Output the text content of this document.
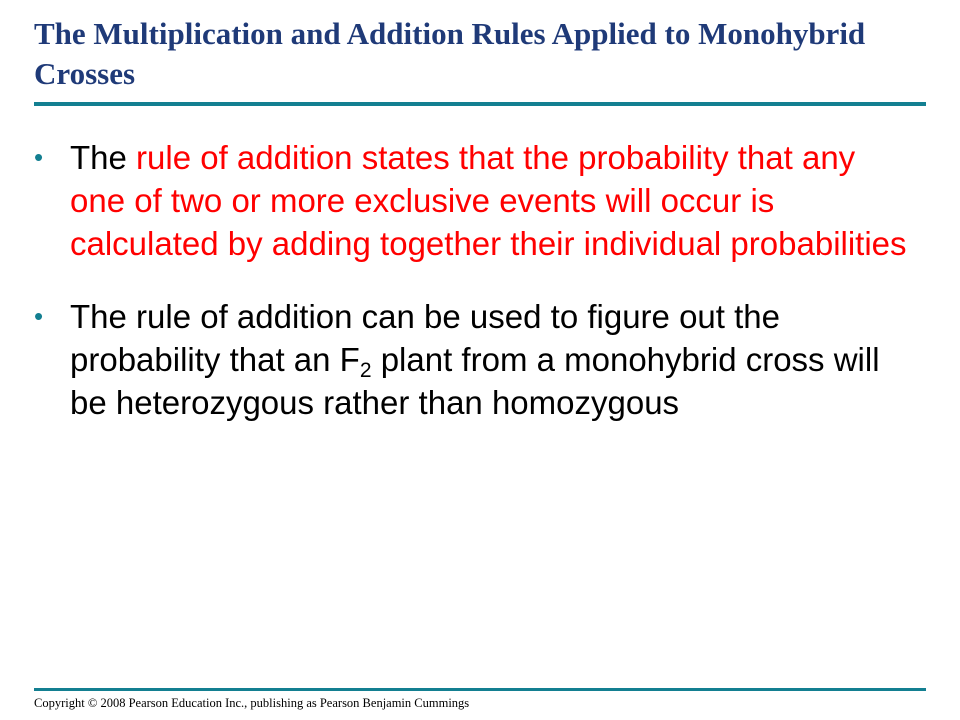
The Multiplication and Addition Rules Applied to Monohybrid Crosses
• The rule of addition states that the probability that any one of two or more exclusive events will occur is calculated by adding together their individual probabilities
• The rule of addition can be used to figure out the probability that an $F_2$ plant from a monohybrid cross will be heterozygous rather than homozygous

Copyright © 2008 Pearson Education Inc., publishing as Pearson Benjamin Cummings
